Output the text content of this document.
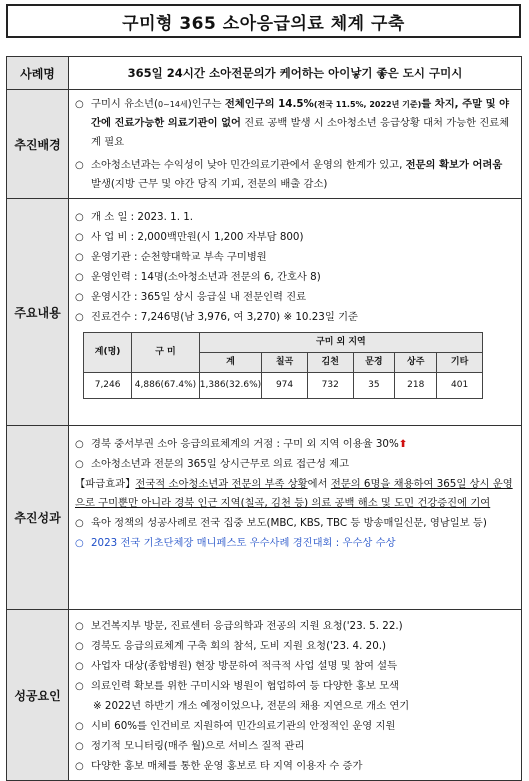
구미형 365 소아응급의료 체계 구축
사례명	365일 24시간 소아전문의가 케어하는 아이낳기 좋은 도시 구미시
추진배경	
○ 구미시 유소년(0~14세)인구는 전체인구의 14.5%(전국 11.5%, 2022년 기준)를 차지, 주말 및 야간에 진료가능한 의료기관이 없어 진료 공백 발생 시 소아청소년 응급상황 대처 가능한 진료체계 필요
○ 소아청소년과는 수익성이 낮아 민간의료기관에서 운영의 한계가 있고, 전문의 확보가 어려움 발생(지방 근무 및 야간 당직 기피, 전문의 배출 감소)

주요내용	
○ 개 소 일 : 2023. 1. 1.
○ 사 업 비 : 2,000백만원(시 1,200 자부담 800)
○ 운영기관 : 순천향대학교 부속 구미병원
○ 운영인력 : 14명(소아청소년과 전문의 6, 간호사 8)
○ 운영시간 : 365일 상시 응급실 내 전문인력 진료
○ 진료건수 : 7,246명(남 3,976, 여 3,270) ※ 10.23일 기준
계(명)	구 미	구미 외 지역
계	칠곡	김천	문경	상주	기타
7,246	4,886(67.4%)	1,386(32.6%)	974	732	35	218	401

추진성과	
○ 경북 중서부권 소아 응급의료체계의 거점 : 구미 외 지역 이용율 30%⬆
○ 소아청소년과 전문의 365일 상시근무로 의료 접근성 제고
【파급효과】전국적 소아청소년과 전문의 부족 상황에서 전문의 6명을 채용하여 365일 상시 운영으로 구미뿐만 아니라 경북 인근 지역(칠곡, 김천 등) 의료 공백 해소 및 도민 건강증진에 기여
○ 육아 정책의 성공사례로 전국 집중 보도(MBC, KBS, TBC 등 방송매일신문, 영남일보 등)
○ 2023 전국 기초단체장 매니페스토 우수사례 경진대회 : 우수상 수상

성공요인	
○ 보건복지부 방문, 진료센터 응급의학과 전공의 지원 요청('23. 5. 22.)
○ 경북도 응급의료체계 구축 회의 참석, 도비 지원 요청('23. 4. 20.)
○ 사업자 대상(종합병원) 현장 방문하여 적극적 사업 설명 및 참여 설득
○ 의료인력 확보를 위한 구미시와 병원이 협업하여 등 다양한 홍보 모색
※ 2022년 하반기 개소 예정이었으나, 전문의 채용 지연으로 개소 연기
○ 시비 60%를 인건비로 지원하여 민간의료기관의 안정적인 운영 지원
○ 정기적 모니터링(매주 월)으로 서비스 질적 관리
○ 다양한 홍보 매체를 통한 운영 홍보로 타 지역 이용자 수 증가
